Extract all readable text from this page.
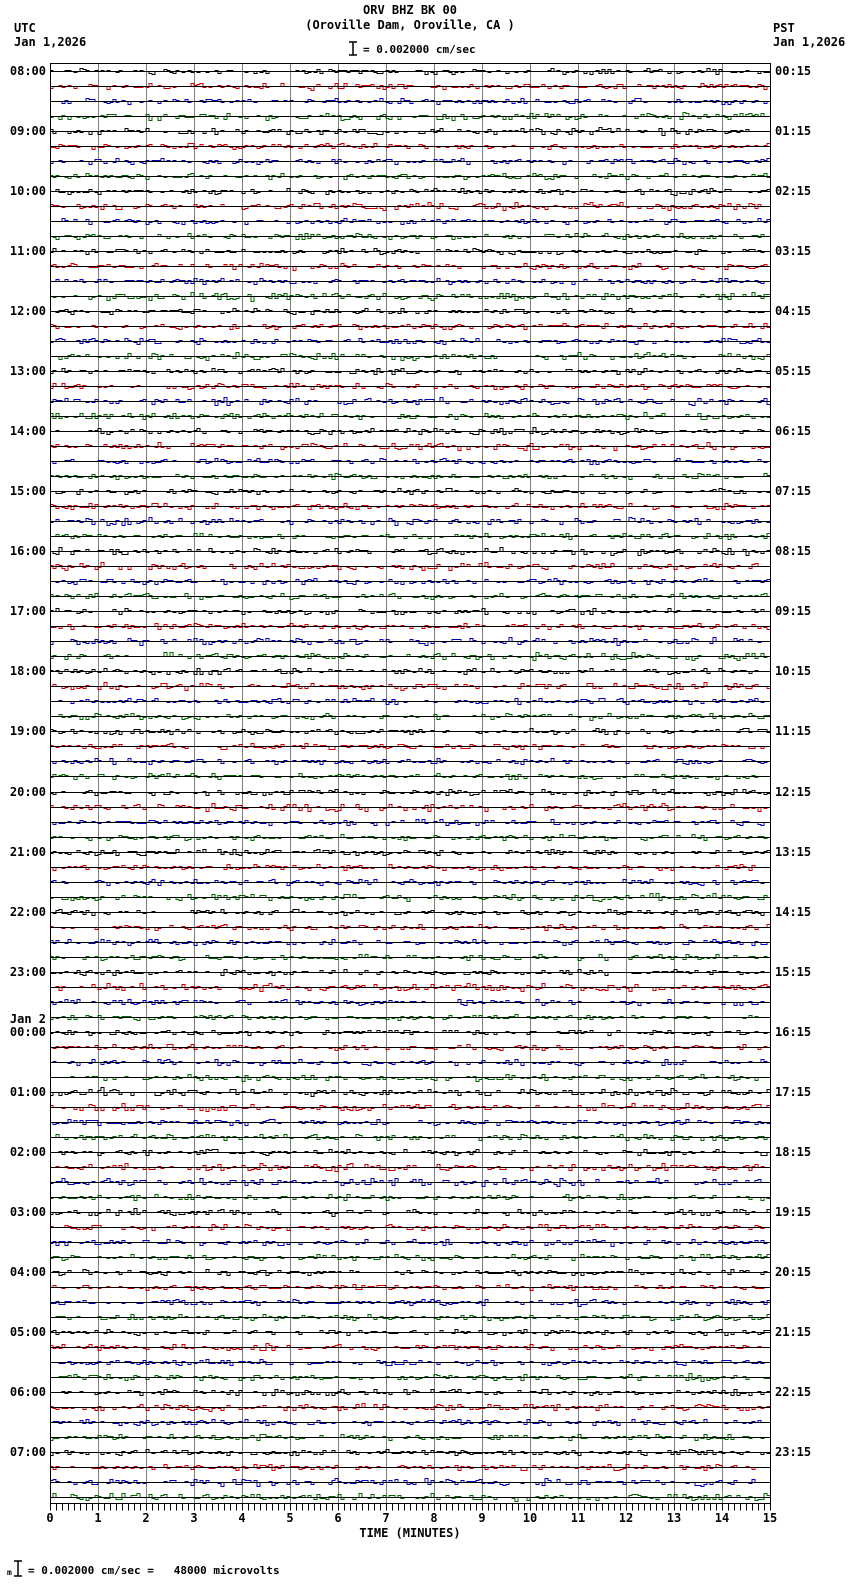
ORV BHZ BK 00
(Oroville Dam, Oroville, CA )
UTC
Jan 1,2026
PST
Jan 1,2026
= 0.002000 cm/sec
08:00	00:15
09:00	01:15
10:00	02:15
11:00	03:15
12:00	04:15
13:00	05:15
14:00	06:15
15:00	07:15
16:00	08:15
17:00	09:15
18:00	10:15
19:00	11:15
20:00	12:15
21:00	13:15
22:00	14:15
23:00	15:15
00:00	16:15
Jan 2
01:00	17:15
02:00	18:15
03:00	19:15
04:00	20:15
05:00	21:15
06:00	22:15
07:00	23:15
0	1	2	3	4	5	6	7	8	9	10	11	12	13	14	15
TIME (MINUTES)
m = 0.002000 cm/sec =   48000 microvolts
